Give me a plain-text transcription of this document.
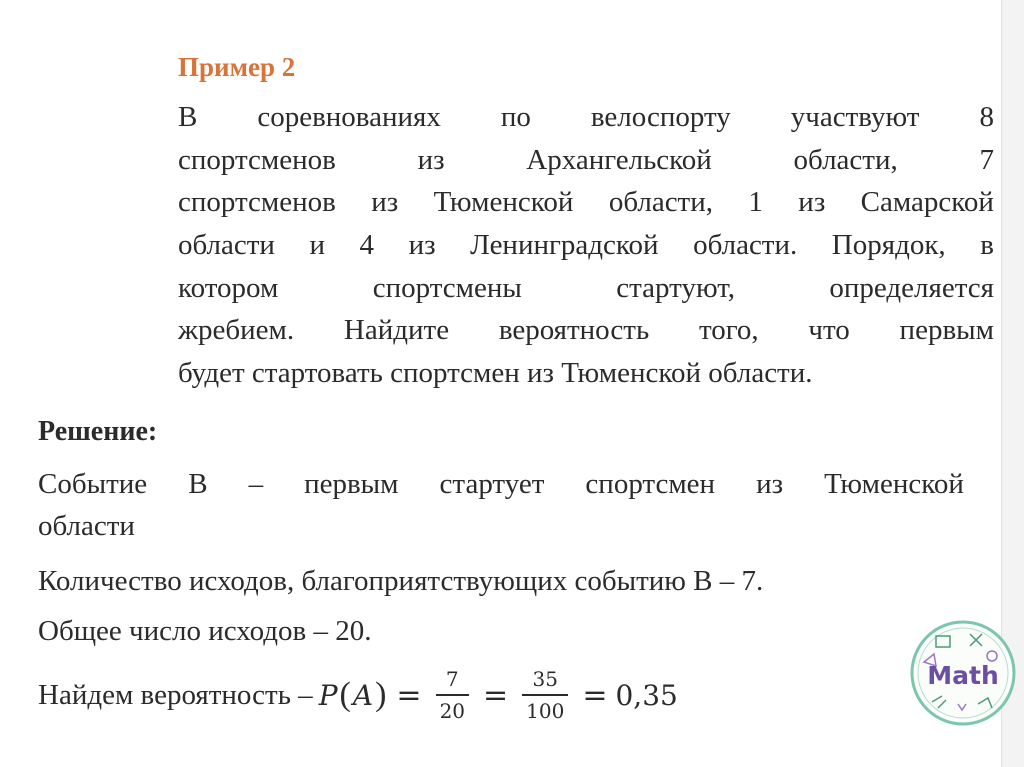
Пример 2
В соревнованиях по велоспорту участвуют 8
спортсменов	из	Архангельской	области,	7
спортсменов из Тюменской области, 1 из Самарской
области и 4 из Ленинградской области. Порядок, в
котором	спортсмены	стартуют,	определяется
жребием. Найдите вероятность того, что первым
будет стартовать спортсмен из Тюменской области.
Решение:
Событие В – первым стартует спортсмен из Тюменской
области
Количество исходов, благоприятствующих событию В – 7.
Общее число исходов – 20.
Найдем вероятность – P ( A ) = $\frac{7}{20} = \frac{35}{100} = 0,35$
Math
